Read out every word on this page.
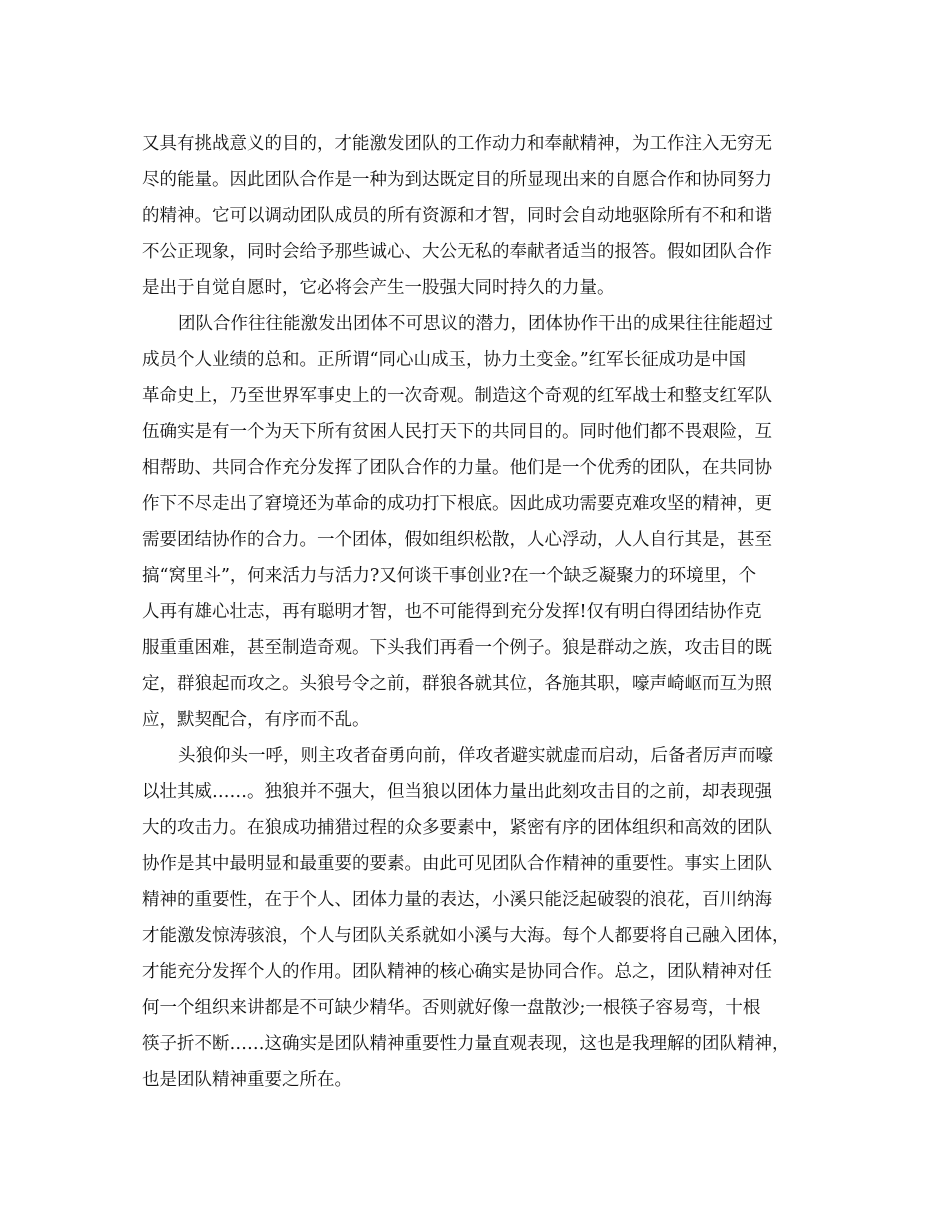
又具有挑战意义的目的，才能激发团队的工作动力和奉献精神，为工作注入无穷无
尽的能量。因此团队合作是一种为到达既定目的所显现出来的自愿合作和协同努力
的精神。它可以调动团队成员的所有资源和才智，同时会自动地驱除所有不和和谐
不公正现象，同时会给予那些诚心、大公无私的奉献者适当的报答。假如团队合作
是出于自觉自愿时，它必将会产生一股强大同时持久的力量。
团队合作往往能激发出团体不可思议的潜力，团体协作干出的成果往往能超过
成员个人业绩的总和。正所谓“同心山成玉，协力土变金。”红军长征成功是中国
革命史上，乃至世界军事史上的一次奇观。制造这个奇观的红军战士和整支红军队
伍确实是有一个为天下所有贫困人民打天下的共同目的。同时他们都不畏艰险，互
相帮助、共同合作充分发挥了团队合作的力量。他们是一个优秀的团队，在共同协
作下不尽走出了窘境还为革命的成功打下根底。因此成功需要克难攻坚的精神，更
需要团结协作的合力。一个团体，假如组织松散，人心浮动，人人自行其是，甚至
搞“窝里斗”，何来活力与活力?又何谈干事创业?在一个缺乏凝聚力的环境里，个
人再有雄心壮志，再有聪明才智，也不可能得到充分发挥!仅有明白得团结协作克
服重重困难，甚至制造奇观。下头我们再看一个例子。狼是群动之族，攻击目的既
定，群狼起而攻之。头狼号令之前，群狼各就其位，各施其职，嚎声崎岖而互为照
应，默契配合，有序而不乱。
头狼仰头一呼，则主攻者奋勇向前，佯攻者避实就虚而启动，后备者厉声而嚎
以壮其威……。独狼并不强大，但当狼以团体力量出此刻攻击目的之前，却表现强
大的攻击力。在狼成功捕猎过程的众多要素中，紧密有序的团体组织和高效的团队
协作是其中最明显和最重要的要素。由此可见团队合作精神的重要性。事实上团队
精神的重要性，在于个人、团体力量的表达，小溪只能泛起破裂的浪花，百川纳海
才能激发惊涛骇浪，个人与团队关系就如小溪与大海。每个人都要将自己融入团体，
才能充分发挥个人的作用。团队精神的核心确实是协同合作。总之，团队精神对任
何一个组织来讲都是不可缺少精华。否则就好像一盘散沙;一根筷子容易弯，十根
筷子折不断……这确实是团队精神重要性力量直观表现，这也是我理解的团队精神，
也是团队精神重要之所在。
